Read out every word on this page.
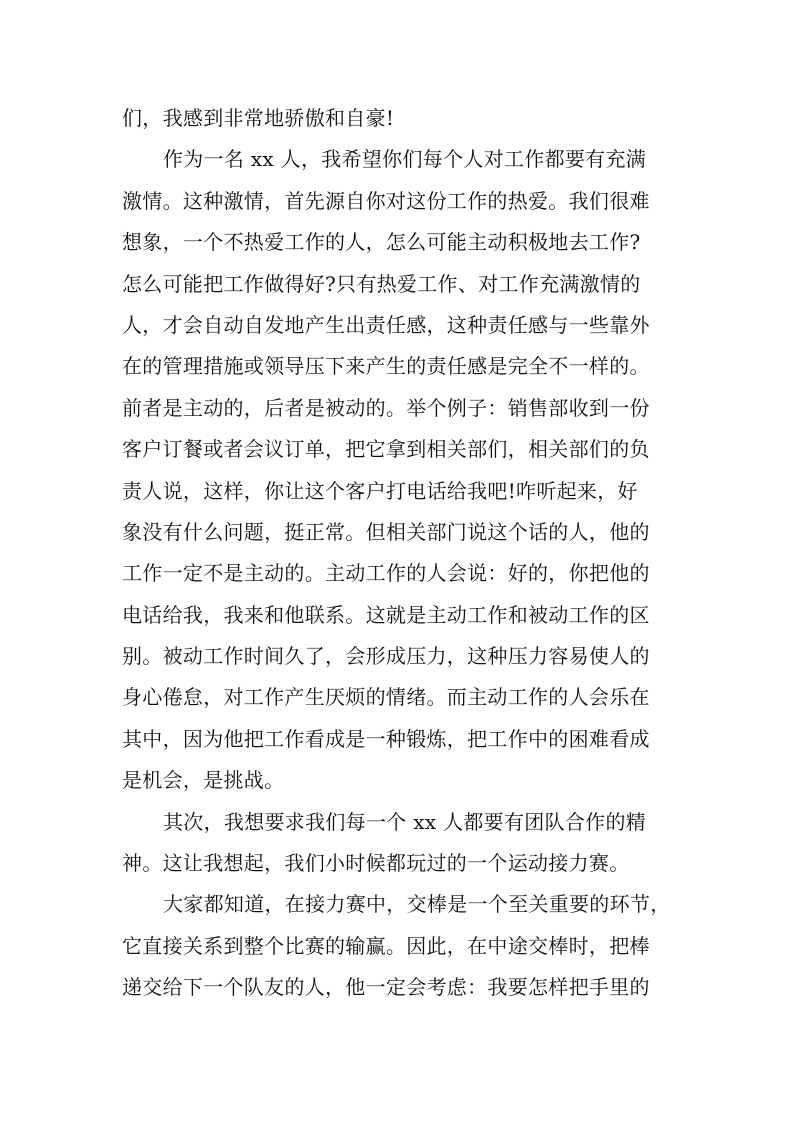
们，我感到非常地骄傲和自豪!
作为一名 xx 人，我希望你们每个人对工作都要有充满
激情。这种激情，首先源自你对这份工作的热爱。我们很难
想象，一个不热爱工作的人，怎么可能主动积极地去工作?
怎么可能把工作做得好?只有热爱工作、对工作充满激情的
人，才会自动自发地产生出责任感，这种责任感与一些靠外
在的管理措施或领导压下来产生的责任感是完全不一样的。
前者是主动的，后者是被动的。举个例子：销售部收到一份
客户订餐或者会议订单，把它拿到相关部们，相关部们的负
责人说，这样，你让这个客户打电话给我吧!咋听起来，好
象没有什么问题，挺正常。但相关部门说这个话的人，他的
工作一定不是主动的。主动工作的人会说：好的，你把他的
电话给我，我来和他联系。这就是主动工作和被动工作的区
别。被动工作时间久了，会形成压力，这种压力容易使人的
身心倦怠，对工作产生厌烦的情绪。而主动工作的人会乐在
其中，因为他把工作看成是一种锻炼，把工作中的困难看成
是机会，是挑战。
其次，我想要求我们每一个 xx 人都要有团队合作的精
神。这让我想起，我们小时候都玩过的一个运动接力赛。
大家都知道，在接力赛中，交棒是一个至关重要的环节，
它直接关系到整个比赛的输赢。因此，在中途交棒时，把棒
递交给下一个队友的人，他一定会考虑：我要怎样把手里的
